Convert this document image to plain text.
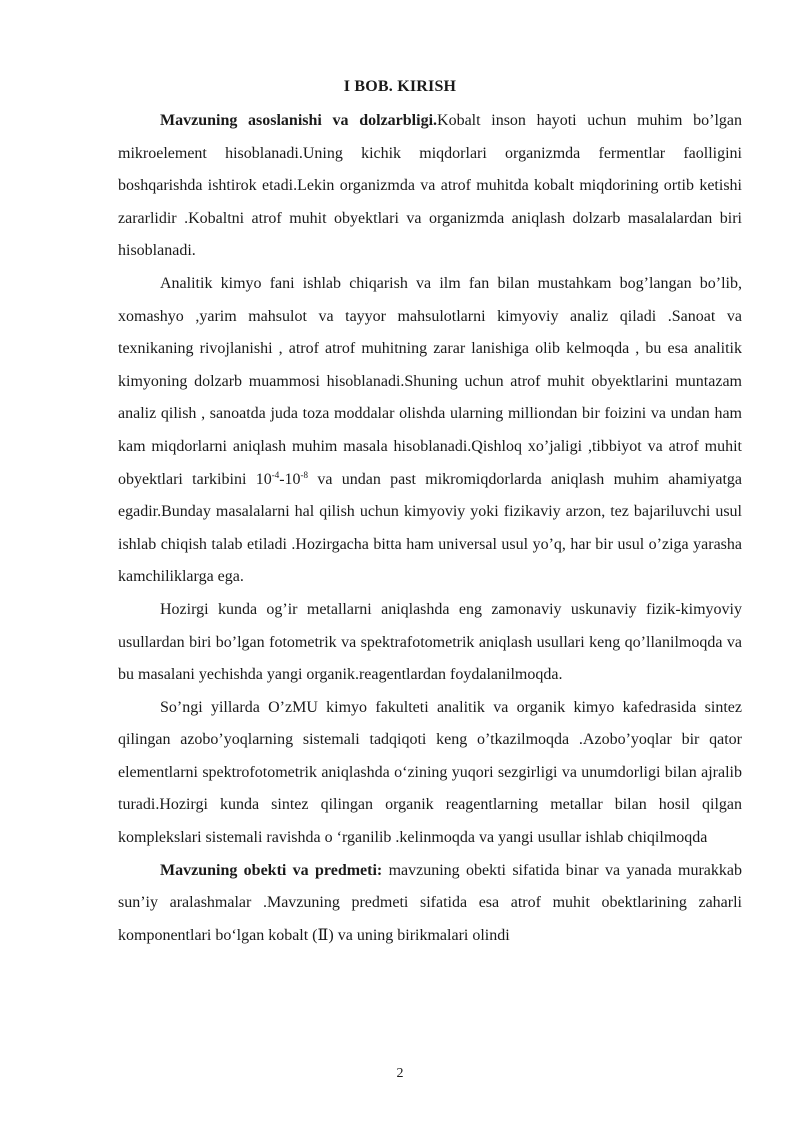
I BOB. KIRISH

Mavzuning asoslanishi va dolzarbligi.Kobalt inson hayoti uchun muhim bo’lgan mikroelement hisoblanadi.Uning kichik miqdorlari organizmda fermentlar faolligini boshqarishda ishtirok etadi.Lekin organizmda va atrof muhitda kobalt miqdorining ortib ketishi zararlidir .Kobaltni atrof muhit obyektlari va organizmda aniqlash dolzarb masalalardan biri hisoblanadi.

Analitik kimyo fani ishlab chiqarish va ilm fan bilan mustahkam bog’langan bo’lib, xomashyo ,yarim mahsulot va tayyor mahsulotlarni kimyoviy analiz qiladi .Sanoat va texnikaning rivojlanishi , atrof atrof muhitning zarar lanishiga olib kelmoqda , bu esa analitik kimyoning dolzarb muammosi hisoblanadi.Shuning uchun atrof muhit obyektlarini muntazam analiz qilish , sanoatda juda toza moddalar olishda ularning milliondan bir foizini va undan ham kam miqdorlarni aniqlash muhim masala hisoblanadi.Qishloq xo’jaligi ,tibbiyot va atrof muhit obyektlari tarkibini $10^{-4}-10^{-8}$ va undan past mikromiqdorlarda aniqlash muhim ahamiyatga egadir.Bunday masalalarni hal qilish uchun kimyoviy yoki fizikaviy arzon, tez bajariluvchi usul ishlab chiqish talab etiladi .Hozirgacha bitta ham universal usul yo’q, har bir usul o’ziga yarasha kamchiliklarga ega.

Hozirgi kunda og’ir metallarni aniqlashda eng zamonaviy uskunaviy fizik-kimyoviy usullardan biri bo’lgan fotometrik va spektrafotometrik aniqlash usullari keng qo’llanilmoqda va bu masalani yechishda yangi organik.reagentlardan foydalanilmoqda.

So’ngi yillarda O’zMU kimyo fakulteti analitik va organik kimyo kafedrasida sintez qilingan azobo’yoqlarning sistemali tadqiqoti keng o’tkazilmoqda .Azobo’yoqlar bir qator elementlarni spektrofotometrik aniqlashda o‘zining yuqori sezgirligi va unumdorligi bilan ajralib turadi.Hozirgi kunda sintez qilingan organik reagentlarning metallar bilan hosil qilgan komplekslari sistemali ravishda o ‘rganilib .kelinmoqda va yangi usullar ishlab chiqilmoqda

Mavzuning obekti va predmeti: mavzuning obekti sifatida binar va yanada murakkab sun’iy aralashmalar .Mavzuning predmeti sifatida esa atrof muhit obektlarining zaharli komponentlari bo‘lgan kobalt (Ⅱ) va uning birikmalari olindi

2
